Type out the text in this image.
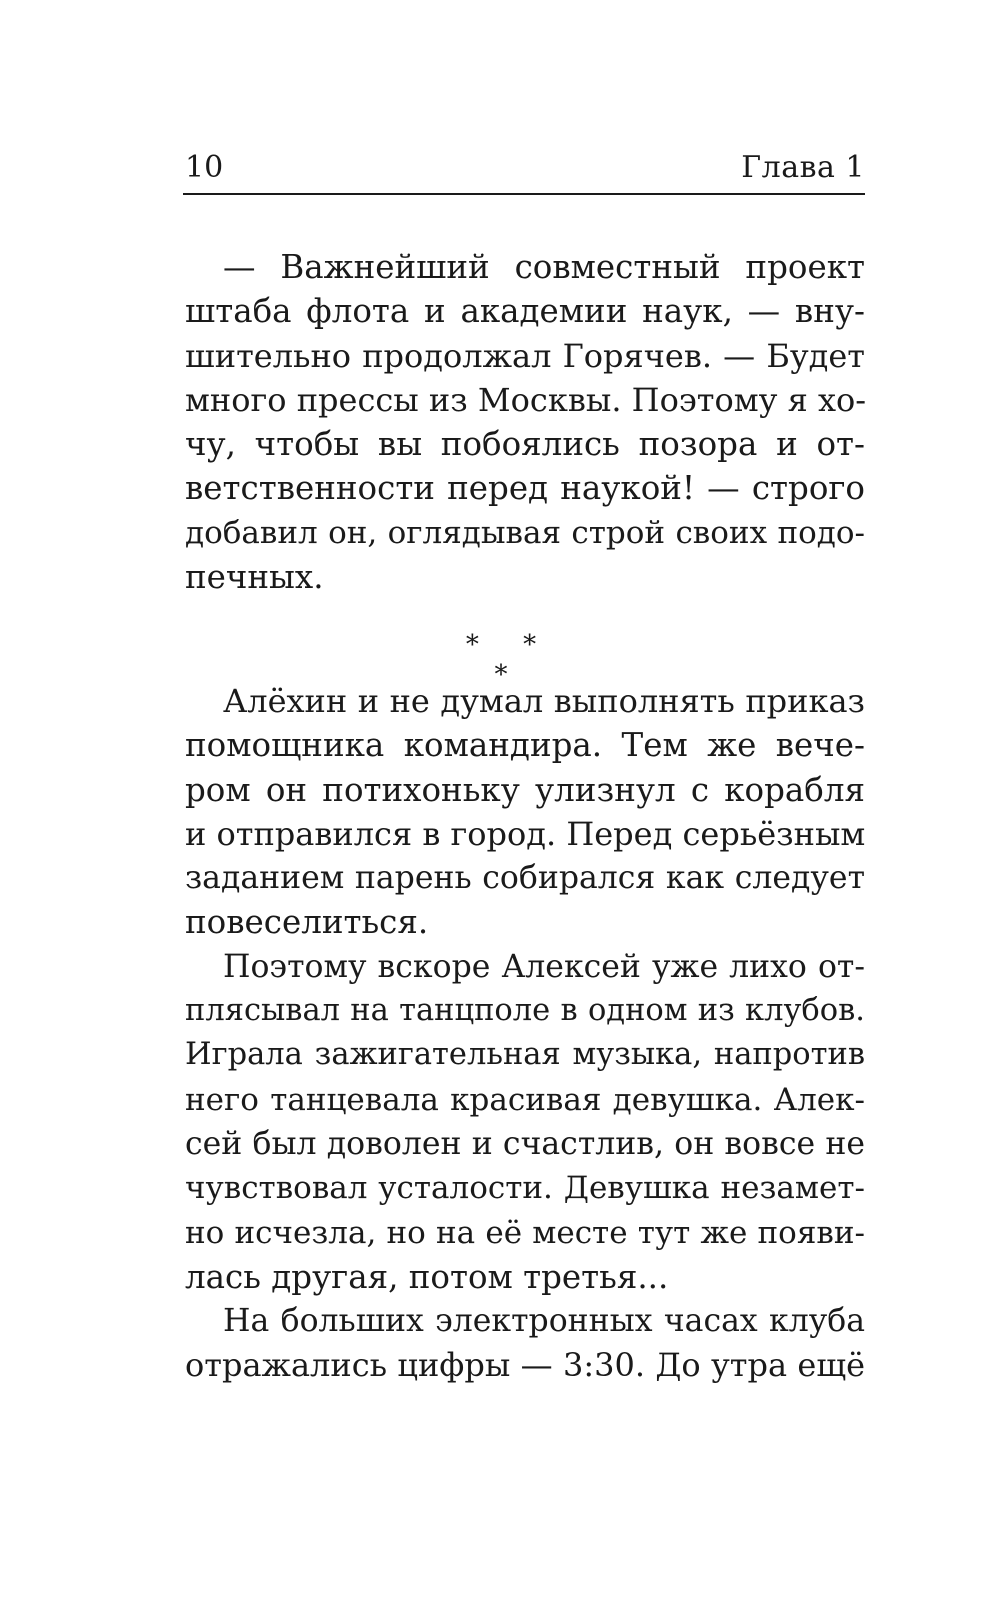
10	Глава 1
— Важнейший совместный проект
штаба флота и академии наук, — вну-
шительно продолжал Горячев. — Будет
много прессы из Москвы. Поэтому я хо-
чу, чтобы вы побоялись позора и от-
ветственности перед наукой! — строго
добавил он, оглядывая строй своих подо-
печных.
* * *
Алёхин и не думал выполнять приказ
помощника командира. Тем же вече-
ром он потихоньку улизнул с корабля
и отправился в город. Перед серьёзным
заданием парень собирался как следует
повеселиться.
Поэтому вскоре Алексей уже лихо от-
плясывал на танцполе в одном из клубов.
Играла зажигательная музыка, напротив
него танцевала красивая девушка. Алек-
сей был доволен и счастлив, он вовсе не
чувствовал усталости. Девушка незамет-
но исчезла, но на её месте тут же появи-
лась другая, потом третья...
На больших электронных часах клуба
отражались цифры — 3:30. До утра ещё
